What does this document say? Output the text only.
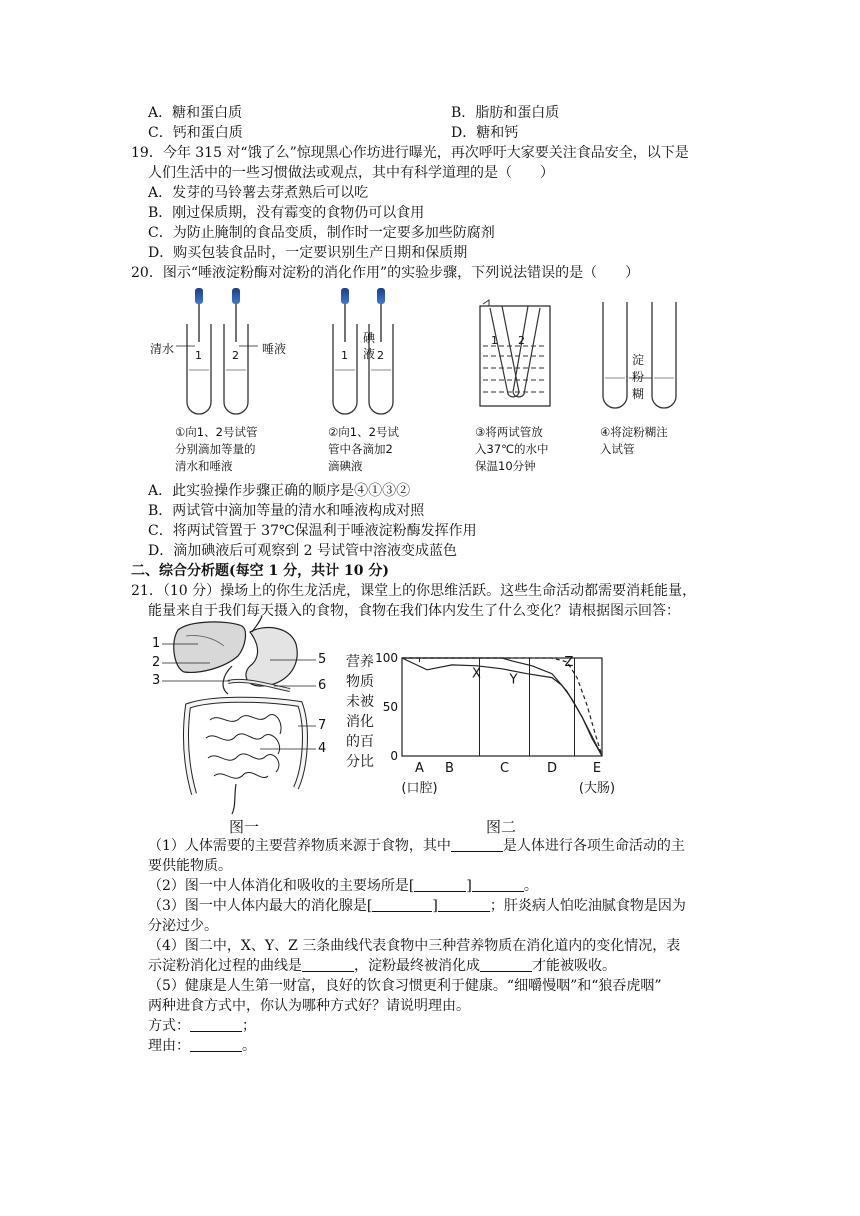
A．糖和蛋白质	B．脂肪和蛋白质
C．钙和蛋白质	D．糖和钙
19．今年 315 对“饿了么”惊现黑心作坊进行曝光，再次呼吁大家要关注食品安全，以下是
人们生活中的一些习惯做法或观点，其中有科学道理的是（　　）
A．发芽的马铃薯去芽煮熟后可以吃
B．刚过保质期，没有霉变的食物仍可以食用
C．为防止腌制的食品变质，制作时一定要多加些防腐剂
D．购买包装食品时，一定要识别生产日期和保质期
20．图示“唾液淀粉酶对淀粉的消化作用”的实验步骤，下列说法错误的是（　　）
清水	唾液
1	2
碘液
1	2
1 2
淀粉糊
①向1、2号试管
分别滴加等量的
清水和唾液
②向1、2号试
管中各滴加2
滴碘液
③将两试管放
入37℃的水中
保温10分钟
④将淀粉糊注
入试管
A．此实验操作步骤正确的顺序是④①③②
B．两试管中滴加等量的清水和唾液构成对照
C．将两试管置于 37℃保温利于唾液淀粉酶发挥作用
D．滴加碘液后可观察到 2 号试管中溶液变成蓝色
二、综合分析题(每空 1 分，共计 10 分)
21．（10 分）操场上的你生龙活虎，课堂上的你思维活跃。这些生命活动都需要消耗能量，
能量来自于我们每天摄入的食物，食物在我们体内发生了什么变化？请根据图示回答：
1
2
3
4
5
6
7
营养物质未被消化的百分比
100
50
0
A
(口腔)
B	C	D	E
(大肠)
X Y
Z
图一	图二
（1）人体需要的主要营养物质来源于食物，其中	是人体进行各项生命活动的主
要供能物质。
（2）图一中人体消化和吸收的主要场所是[	]	。
（3）图一中人体内最大的消化腺是[	]	；肝炎病人怕吃油腻食物是因为
分泌过少。
（4）图二中，X、Y、Z 三条曲线代表食物中三种营养物质在消化道内的变化情况，表
示淀粉消化过程的曲线是	，淀粉最终被消化成	才能被吸收。
（5）健康是人生第一财富，良好的饮食习惯更利于健康。“细嚼慢咽”和“狼吞虎咽”
两种进食方式中，你认为哪种方式好？请说明理由。
方式：	；
理由：	。
